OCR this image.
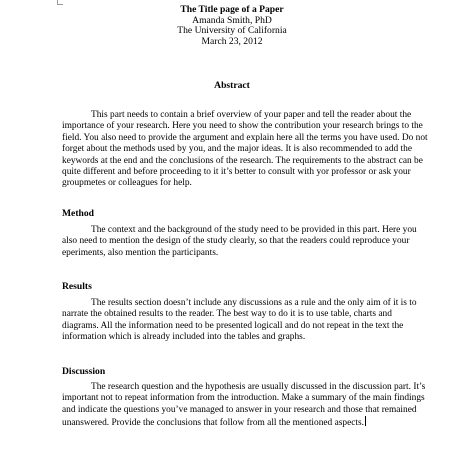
The Title page of a Paper
Amanda Smith, PhD
The University of California
March 23, 2012
Abstract

This part needs to contain a brief overview of your paper and tell the reader about the importance of your research. Here you need to show the contribution your research brings to the field. You also need to provide the argument and explain here all the terms you have used. Do not forget about the methods used by you, and the major ideas. It is also recommended to add the keywords at the end and the conclusions of the research. The requirements to the abstract can be quite different and before proceeding to it it’s better to consult with yor professor or ask your groupmetes or colleagues for help.

Method

The context and the background of the study need to be provided in this part. Here you also need to mention the design of the study clearly, so that the readers could reproduce your eperiments, also mention the participants.

Results

The results section doesn’t include any discussions as a rule and the only aim of it is to narrate the obtained results to the reader. The best way to do it is to use table, charts and diagrams. All the information need to be presented logicall and do not repeat in the text the information which is already included into the tables and graphs.

Discussion

The research question and the hypothesis are usually discussed in the discussion part. It’s important not to repeat information from the introduction. Make a summary of the main findings and indicate the questions you’ve managed to answer in your research and those that remained unanswered. Provide the conclusions that follow from all the mentioned aspects.
